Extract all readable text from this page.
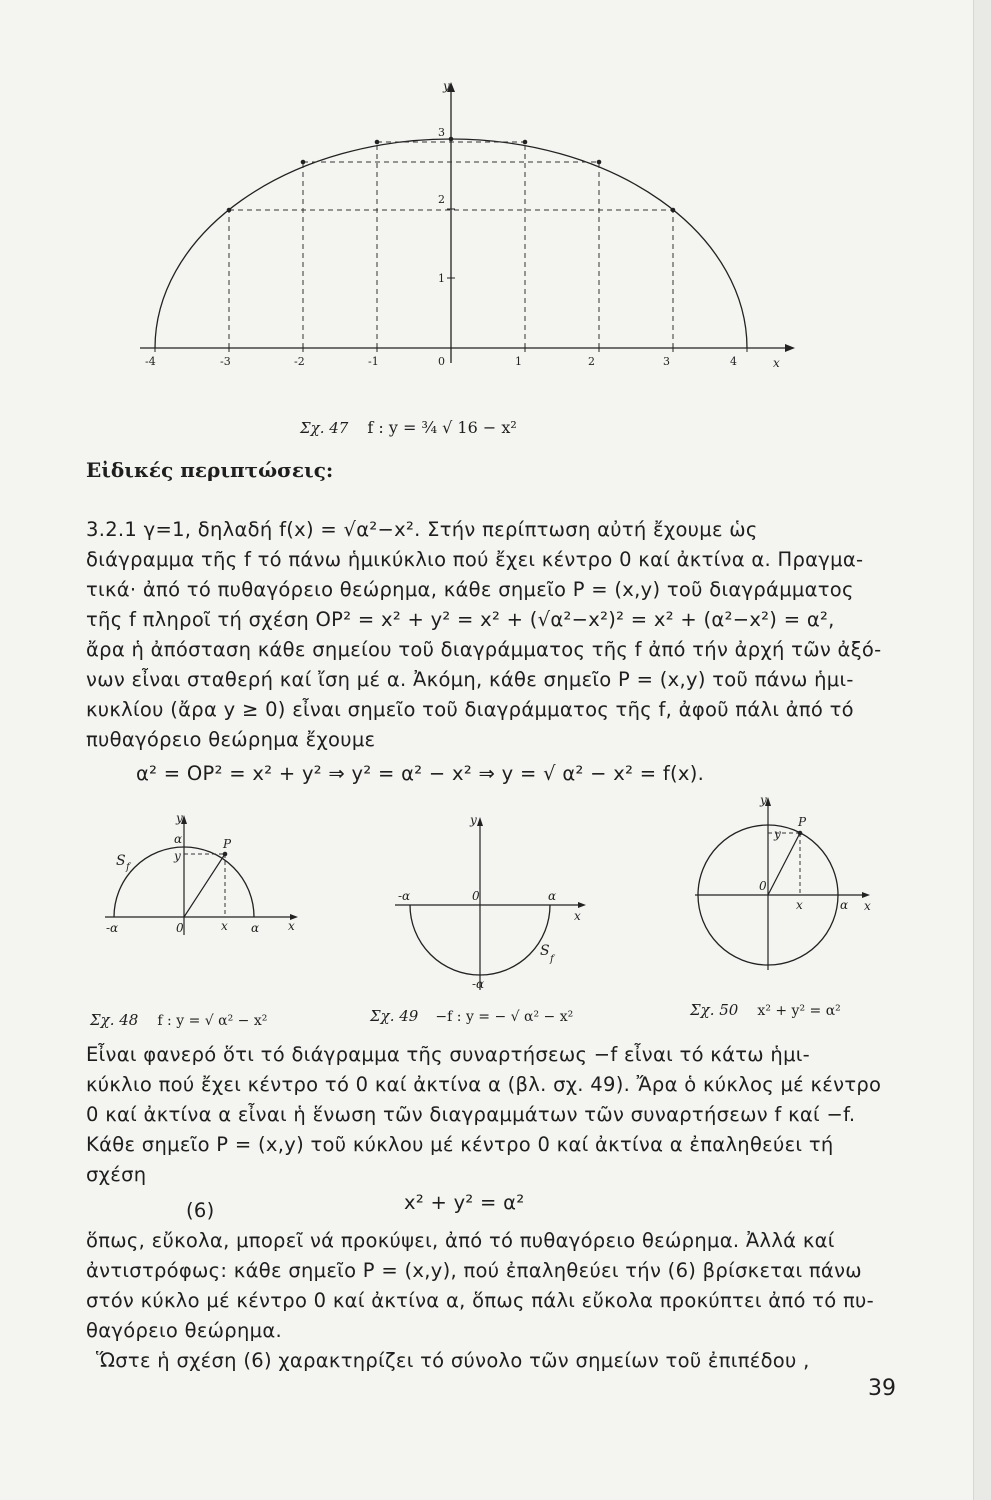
y
x
-4	-3	-2	-1	0	1	2	3	4
1
2
3
Σχ. 47 f : y = ³⁄₄ √ 16 − x²
Εἰδικές περιπτώσεις:

3.2.1 γ=1, δηλαδή f(x) = √α²−x². Στήν περίπτωση αὐτή ἔχουμε ὡς

διάγραμμα τῆς f τό πάνω ἡμικύκλιο πού ἔχει κέντρο 0 καί ἀκτίνα α. Πραγμα-

τικά· ἀπό τό πυθαγόρειο θεώρημα, κάθε σημεῖο P = (x,y) τοῦ διαγράμματος

τῆς f πληροῖ τή σχέση OP² = x² + y² = x² + (√α²−x²)² = x² + (α²−x²) = α²,

ἄρα ἡ ἀπόσταση κάθε σημείου τοῦ διαγράμματος τῆς f ἀπό τήν ἀρχή τῶν ἀξό-

νων εἶναι σταθερή καί ἴση μέ α. Ἀκόμη, κάθε σημεῖο P = (x,y) τοῦ πάνω ἡμι-

κυκλίου (ἄρα y ≥ 0) εἶναι σημεῖο τοῦ διαγράμματος τῆς f, ἀφοῦ πάλι ἀπό τό

πυθαγόρειο θεώρημα ἔχουμε

α² = OP² = x² + y² ⇒ y² = α² − x² ⇒ y = √ α² − x² = f(x).

y
α	P
y
S f
-α	0	x α x
y
-α	0	α
x
S
f
-α
y
y
P
0
x	α x
Σχ. 48 f : y = √ α² − x²	Σχ. 49 −f : y = − √ α² − x²	Σχ. 50 x² + y² = α²

Εἶναι φανερό ὅτι τό διάγραμμα τῆς συναρτήσεως −f εἶναι τό κάτω ἡμι-

κύκλιο πού ἔχει κέντρο τό 0 καί ἀκτίνα α (βλ. σχ. 49). Ἄρα ὁ κύκλος μέ κέντρο

0 καί ἀκτίνα α εἶναι ἡ ἕνωση τῶν διαγραμμάτων τῶν συναρτήσεων f καί −f.

Κάθε σημεῖο P = (x,y) τοῦ κύκλου μέ κέντρο 0 καί ἀκτίνα α ἐπαληθεύει τή σχέση

(6)	x² + y² = α²

ὅπως, εὔκολα, μπορεῖ νά προκύψει, ἀπό τό πυθαγόρειο θεώρημα. Ἀλλά καί

ἀντιστρόφως: κάθε σημεῖο P = (x,y), πού ἐπαληθεύει τήν (6) βρίσκεται πάνω

στόν κύκλο μέ κέντρο 0 καί ἀκτίνα α, ὅπως πάλι εὔκολα προκύπτει ἀπό τό πυ-

θαγόρειο θεώρημα.

Ὥστε ἡ σχέση (6) χαρακτηρίζει τό σύνολο τῶν σημείων τοῦ ἐπιπέδου ,

39
